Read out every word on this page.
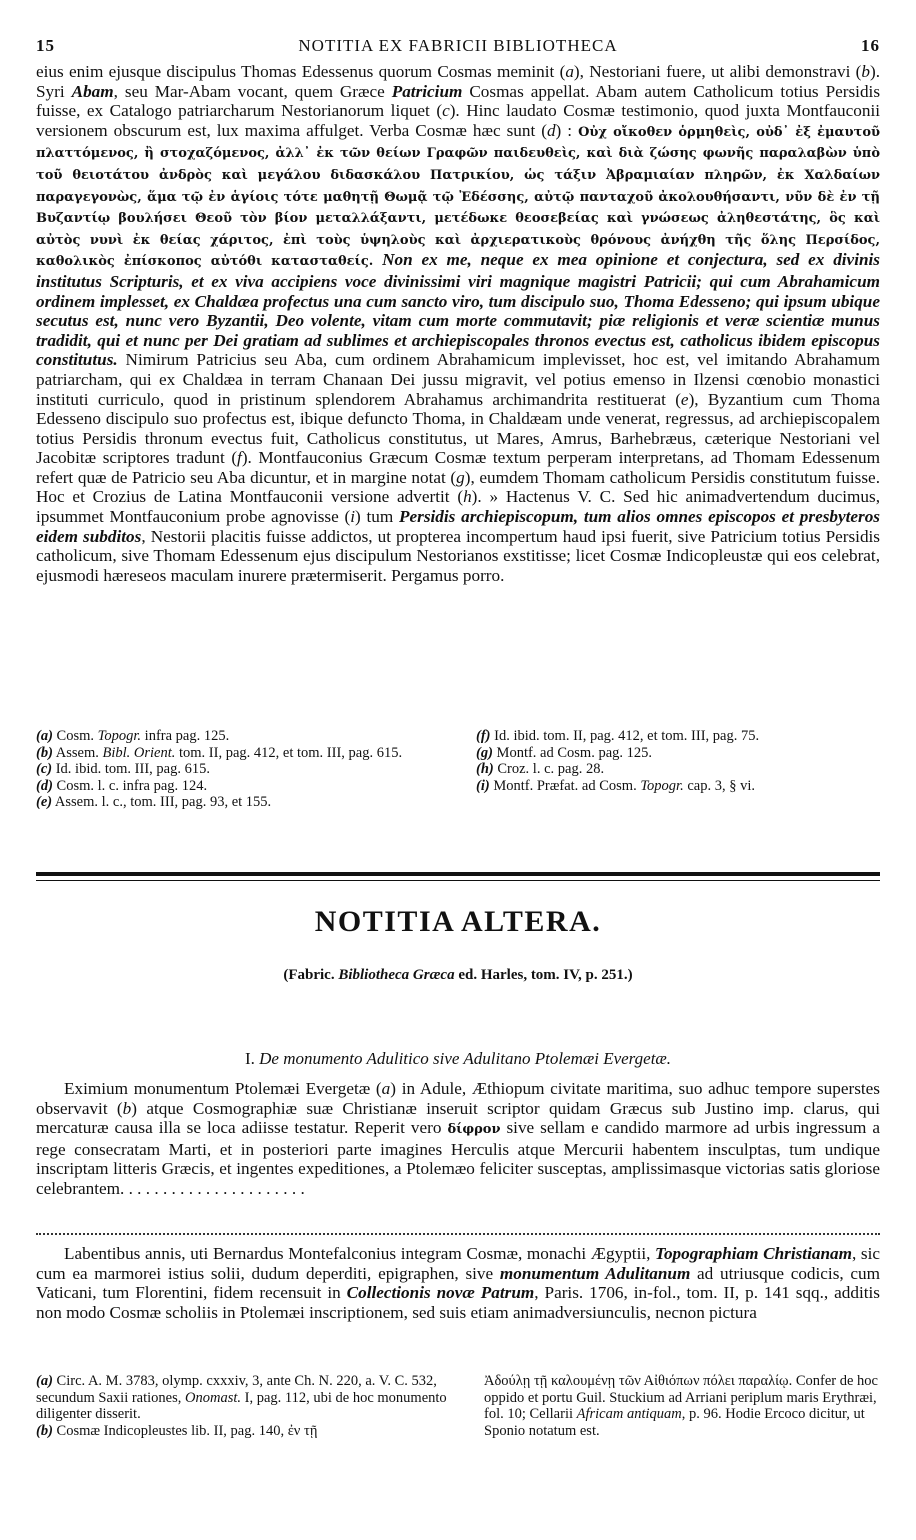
15	NOTITIA EX FABRICII BIBLIOTHECA	16
eius enim ejusque discipulus Thomas Edessenus quorum Cosmas meminit (a), Nestoriani fuere, ut alibi demonstravi (b). Syri Abam, seu Mar-Abam vocant, quem Græce Patricium Cosmas appellat. Abam autem Catholicum totius Persidis fuisse, ex Catalogo patriarcharum Nestorianorum liquet (c). Hinc laudato Cosmæ testimonio, quod juxta Montfauconii versionem obscurum est, lux maxima affulget. Verba Cosmæ hæc sunt (d) : Οὐχ οἴκοθεν ὁρμηθεὶς, οὐδ᾽ ἐξ ἐμαυτοῦ πλαττόμενος, ἢ στοχαζόμενος, ἀλλ᾽ ἐκ τῶν θείων Γραφῶν παιδευθεὶς, καὶ διὰ ζώσης φωνῆς παραλαβὼν ὑπὸ τοῦ θειοτάτου ἀνδρὸς καὶ μεγάλου διδασκάλου Πατρικίου, ὡς τάξιν Ἀβραμιαίαν πληρῶν, ἐκ Χαλδαίων παραγεγονὼς, ἅμα τῷ ἐν ἁγίοις τότε μαθητῇ Θωμᾷ τῷ Ἐδέσσης, αὐτῷ πανταχοῦ ἀκολουθήσαντι, νῦν δὲ ἐν τῇ Βυζαντίῳ βουλήσει Θεοῦ τὸν βίον μεταλλάξαντι, μετέδωκε θεοσεβείας καὶ γνώσεως ἀληθεστάτης, ὃς καὶ αὐτὸς νυνὶ ἐκ θείας χάριτος, ἐπὶ τοὺς ὑψηλοὺς καὶ ἀρχιερατικοὺς θρόνους ἀνήχθη τῆς ὅλης Περσίδος, καθολικὸς ἐπίσκοπος αὐτόθι κατασταθείς. Non ex me, neque ex mea opinione et conjectura, sed ex divinis institutus Scripturis, et ex viva accipiens voce divinissimi viri magnique magistri Patricii; qui cum Abrahamicum ordinem implesset, ex Chaldæa profectus una cum sancto viro, tum discipulo suo, Thoma Edesseno; qui ipsum ubique secutus est, nunc vero Byzantii, Deo volente, vitam cum morte commutavit; piæ religionis et veræ scientiæ munus tradidit, qui et nunc per Dei gratiam ad sublimes et archiepiscopales thronos evectus est, catholicus ibidem episcopus constitutus. Nimirum Patricius seu Aba, cum ordinem Abrahamicum implevisset, hoc est, vel imitando Abrahamum patriarcham, qui ex Chaldæa in terram Chanaan Dei jussu migravit, vel potius emenso in Ilzensi cœnobio monastici instituti curriculo, quod in pristinum splendorem Abrahamus archimandrita restituerat (e), Byzantium cum Thoma Edesseno discipulo suo profectus est, ibique defuncto Thoma, in Chaldæam unde venerat, regressus, ad archiepiscopalem totius Persidis thronum evectus fuit, Catholicus constitutus, ut Mares, Amrus, Barhebræus, cæterique Nestoriani vel Jacobitæ scriptores tradunt (f). Montfauconius Græcum Cosmæ textum perperam interpretans, ad Thomam Edessenum refert quæ de Patricio seu Aba dicuntur, et in margine notat (g), eumdem Thomam catholicum Persidis constitutum fuisse. Hoc et Crozius de Latina Montfauconii versione advertit (h). » Hactenus V. C. Sed hic animadvertendum ducimus, ipsummet Montfauconium probe agnovisse (i) tum Persidis archiepiscopum, tum alios omnes episcopos et presbyteros eidem subditos, Nestorii placitis fuisse addictos, ut propterea incompertum haud ipsi fuerit, sive Patricium totius Persidis catholicum, sive Thomam Edessenum ejus discipulum Nestorianos exstitisse; licet Cosmæ Indicopleustæ qui eos celebrat, ejusmodi hæreseos maculam inurere prætermiserit. Pergamus porro.

(a) Cosm. Topogr. infra pag. 125.

(b) Assem. Bibl. Orient. tom. II, pag. 412, et tom. III, pag. 615.

(c) Id. ibid. tom. III, pag. 615.

(d) Cosm. l. c. infra pag. 124.

(e) Assem. l. c., tom. III, pag. 93, et 155.

(f) Id. ibid. tom. II, pag. 412, et tom. III, pag. 75.

(g) Montf. ad Cosm. pag. 125.

(h) Croz. l. c. pag. 28.

(i) Montf. Præfat. ad Cosm. Topogr. cap. 3, § vi.

NOTITIA ALTERA.
(Fabric. Bibliotheca Græca ed. Harles, tom. IV, p. 251.)
I. De monumento Adulitico sive Adulitano Ptolemæi Evergetæ.
Eximium monumentum Ptolemæi Evergetæ (a) in Adule, Æthiopum civitate maritima, suo adhuc tempore superstes observavit (b) atque Cosmographiæ suæ Christianæ inseruit scriptor quidam Græcus sub Justino imp. clarus, qui mercaturæ causa illa se loca adiisse testatur. Reperit vero δίφρον sive sellam e candido marmore ad urbis ingressum a rege consecratam Marti, et in posteriori parte imagines Herculis atque Mercurii habentem insculptas, tum undique inscriptam litteris Græcis, et ingentes expeditiones, a Ptolemæo feliciter susceptas, amplissimasque victorias satis gloriose celebrantem. . . . . . . . . . . . . . . . . . . . . .
Labentibus annis, uti Bernardus Montefalconius integram Cosmæ, monachi Ægyptii, Topographiam Christianam, sic cum ea marmorei istius solii, dudum deperditi, epigraphen, sive monumentum Adulitanum ad utriusque codicis, cum Vaticani, tum Florentini, fidem recensuit in Collectionis novæ Patrum, Paris. 1706, in-fol., tom. II, p. 141 sqq., additis non modo Cosmæ scholiis in Ptolemæi inscriptionem, sed suis etiam animadversiunculis, necnon pictura

(a) Circ. A. M. 3783, olymp. cxxxiv, 3, ante Ch. N. 220, a. V. C. 532, secundum Saxii rationes, Onomast. I, pag. 112, ubi de hoc monumento diligenter disserit.

(b) Cosmæ Indicopleustes lib. II, pag. 140, ἐν τῇ

Ἀδούλῃ τῇ καλουμένῃ τῶν Αἰθιόπων πόλει παραλίῳ. Confer de hoc oppido et portu Guil. Stuckium ad Arriani periplum maris Erythræi, fol. 10; Cellarii Africam antiquam, p. 96. Hodie Ercoco dicitur, ut Sponio notatum est.
